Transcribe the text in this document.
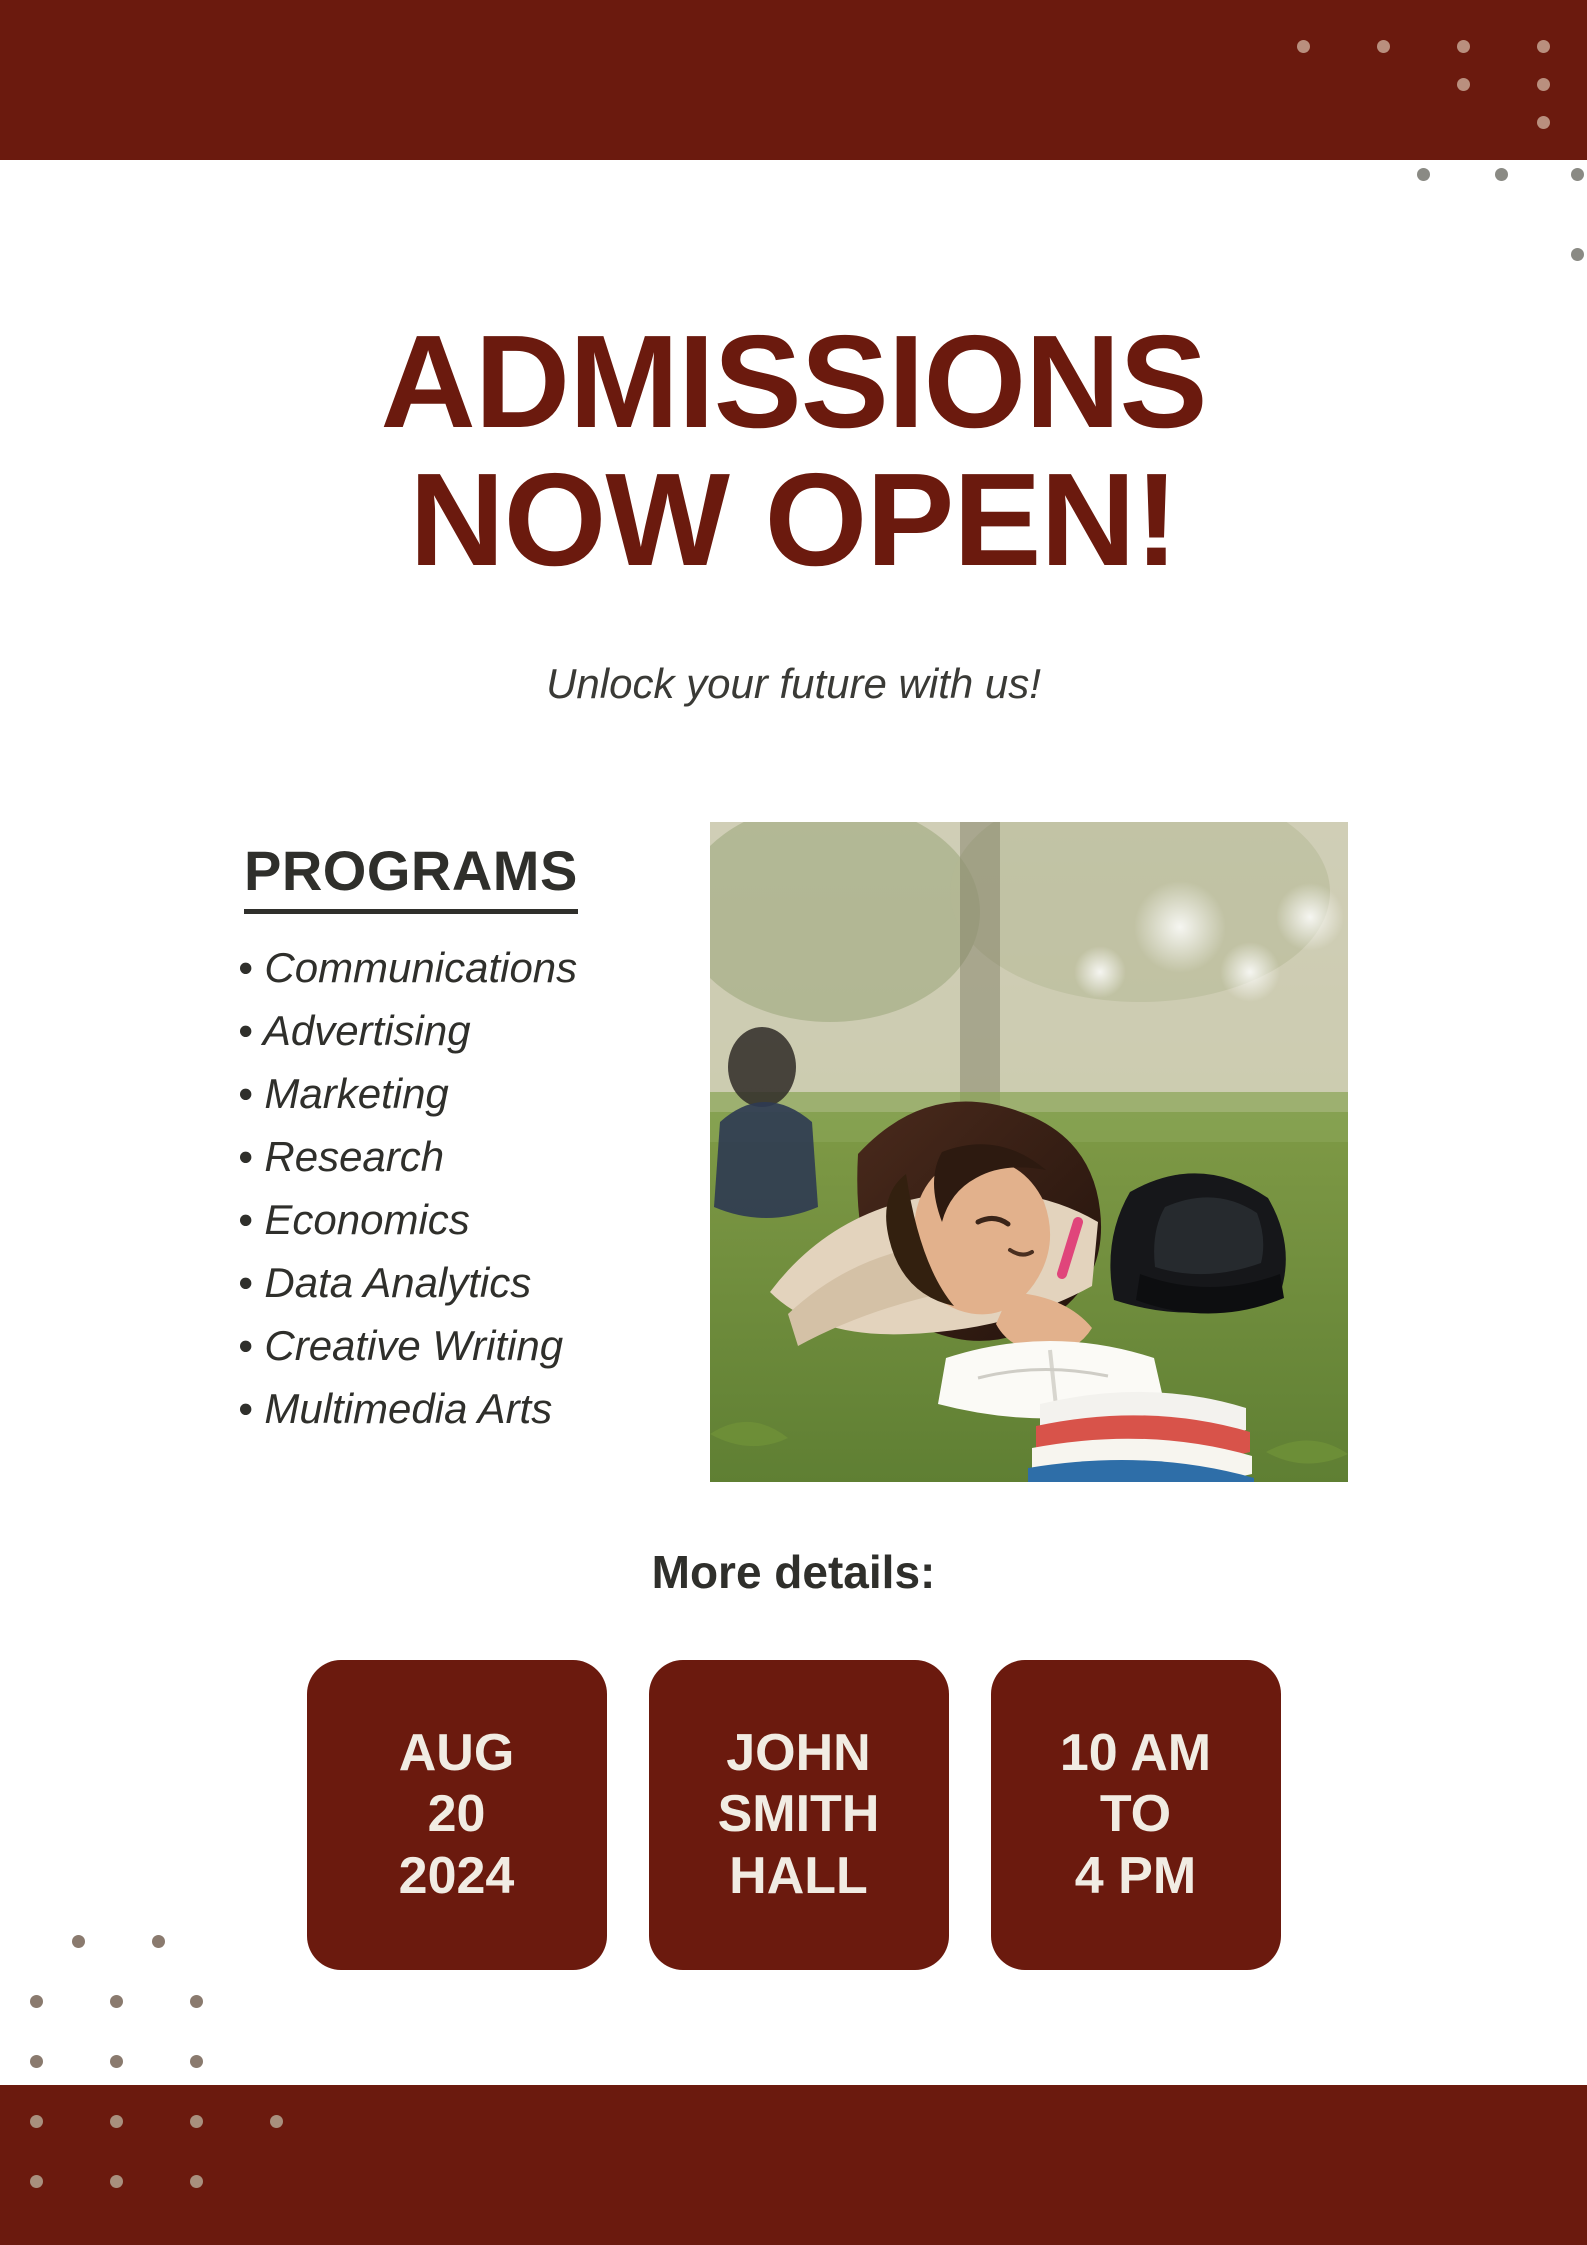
ADMISSIONS
NOW OPEN!
Unlock your future with us!
PROGRAMS
• Communications
• Advertising
• Marketing
• Research
• Economics
• Data Analytics
• Creative Writing
• Multimedia Arts
More details:
AUG
20
2024
JOHN
SMITH
HALL
10 AM
TO
4 PM
